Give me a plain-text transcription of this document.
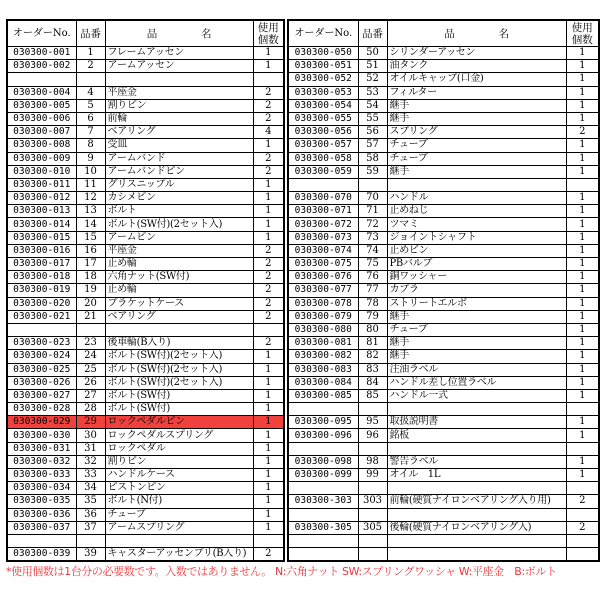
オーダーNo.	品番	品 名	使用
個数

030300-001	1	フレームアッセン	1
030300-002	2	アームアッセン	1

030300-004	4	平座金	2
030300-005	5	割りピン	2
030300-006	6	前輪	2
030300-007	7	ベアリング	4
030300-008	8	受皿	1
030300-009	9	アームバンド	2
030300-010	10	アームバンドピン	2
030300-011	11	グリスニップル	1
030300-012	12	カシメピン	1
030300-013	13	ボルト	1
030300-014	14	ボルト(SW付)(2セット入)	1
030300-015	15	アームピン	1
030300-016	16	平座金	2
030300-017	17	止め輪	2
030300-018	18	六角ナット(SW付)	2
030300-019	19	止め輪	2
030300-020	20	ブラケットケース	2
030300-021	21	ベアリング	2

030300-023	23	後車輪(B入り)	2
030300-024	24	ボルト(SW付)(2セット入)	1
030300-025	25	ボルト(SW付)(2セット入)	1
030300-026	26	ボルト(SW付)(2セット入)	1
030300-027	27	ボルト(SW付)	1
030300-028	28	ボルト(SW付)	1
030300-029	29	ロックペダルピン	1
030300-030	30	ロックペダルスプリング	1
030300-031	31	ロックペダル	1
030300-032	32	割りピン	1
030300-033	33	ハンドルケース	1
030300-034	34	ピストンピン	1
030300-035	35	ボルト(N付)	1
030300-036	36	チューブ	1
030300-037	37	アームスプリング	1

030300-039	39	キャスターアッセンブリ(B入り)	2
オーダーNo.	品番	品 名	使用
個数

030300-050	50	シリンダーアッセン	1
030300-051	51	油タンク	1
030300-052	52	オイルキャップ(口金)	1
030300-053	53	フィルター	1
030300-054	54	継手	1
030300-055	55	継手	1
030300-056	56	スプリング	2
030300-057	57	チューブ	1
030300-058	58	チューブ	1
030300-059	59	継手	1

030300-070	70	ハンドル	1
030300-071	71	止めねじ	1
030300-072	72	ツマミ	1
030300-073	73	ジョイントシャフト	1
030300-074	74	止めピン	1
030300-075	75	PBバルブ	1
030300-076	76	銅ワッシャー	1
030300-077	77	カプラ	1
030300-078	78	ストリートエルボ	1
030300-079	79	継手	1
030300-080	80	チューブ	1
030300-081	81	継手	1
030300-082	82	継手	1
030300-083	83	注油ラベル	1
030300-084	84	ハンドル差し位置ラベル	1
030300-085	85	ハンドル一式	1

030300-095	95	取扱説明書	1
030300-096	96	銘板	1

030300-098	98	警告ラベル	1
030300-099	99	オイル　1L	1

030300-303	303	前輪(硬質ナイロンベアリング入り用)	2

030300-305	305	後輪(硬質ナイロンベアリング入)	2

*使用個数は1台分の必要数です。入数ではありません。 N:六角ナット SW:スプリングワッシャ W:平座金　B:ボルト
